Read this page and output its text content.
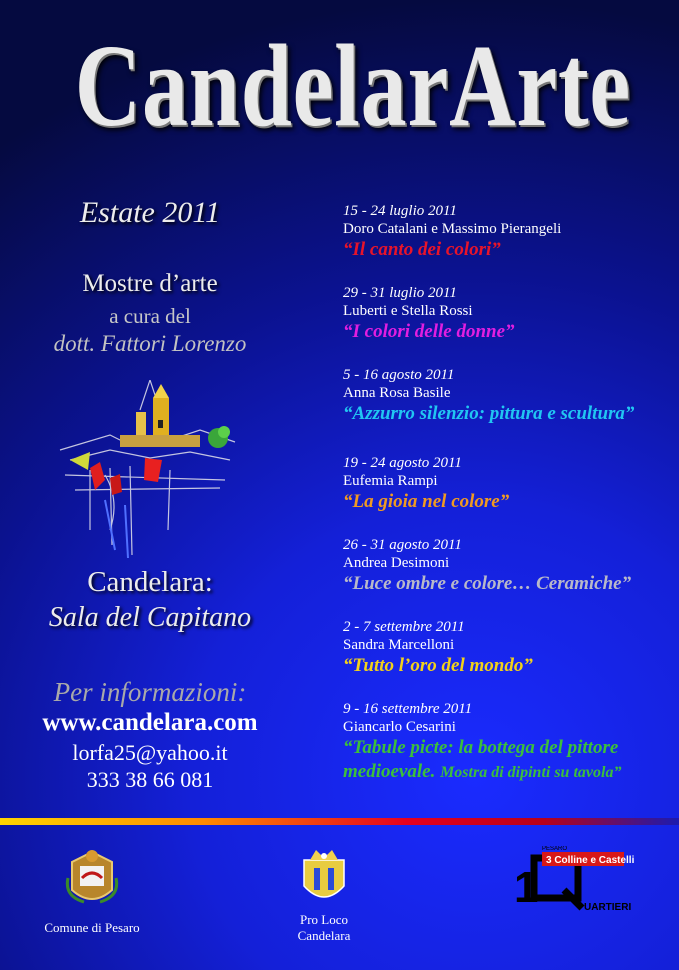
CandelarArte
Estate 2011
Mostre d’arte
a cura del
dott. Fattori Lorenzo
Candelara:
Sala del Capitano
Per informazioni:
www.candelara.com
lorfa25@yahoo.it
333 38 66 081
15 - 24 luglio 2011
Doro Catalani e Massimo Pierangeli
“Il canto dei colori”
29 - 31 luglio 2011
Luberti e Stella Rossi
“I colori delle donne”
5 - 16 agosto 2011
Anna Rosa Basile
“Azzurro silenzio: pittura e scultura”
19 - 24 agosto 2011
Eufemia Rampi
“La gioia nel colore”
26 - 31 agosto 2011
Andrea Desimoni
“Luce ombre e colore… Ceramiche”
2 - 7 settembre 2011
Sandra Marcelloni
“Tutto l’oro del mondo”
9 - 16 settembre 2011
Giancarlo Cesarini
“Tabule picte: la bottega del pittore medioevale. Mostra di dipinti su tavola”
Comune di Pesaro
Pro Loco
Candelara
1
3 Colline e Castelli
PESARO
UARTIERI
